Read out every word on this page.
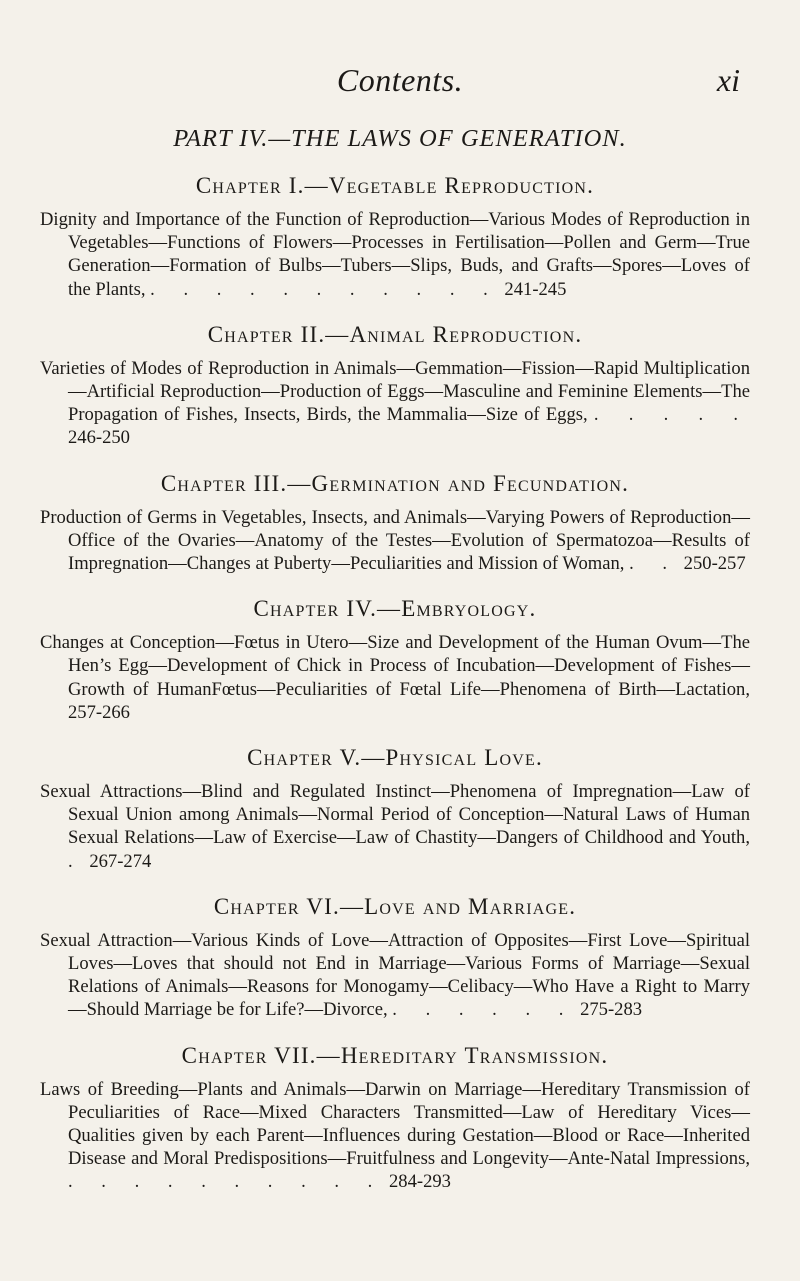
Contents.	xi
PART IV.—THE LAWS OF GENERATION.
Chapter I.—Vegetable Reproduction.

Dignity and Importance of the Function of Reproduction—Various Modes of Reproduction in Vegetables—Functions of Flowers—Processes in Fertilisation—Pollen and Germ—True Generation—Formation of Bulbs—Tubers—Slips, Buds, and Grafts—Spores—Loves of the Plants, . . . . . . . . . . . 241-245

Chapter II.—Animal Reproduction.

Varieties of Modes of Reproduction in Animals—Gemmation—Fission—Rapid Multiplication—Artificial Reproduction—Production of Eggs—Masculine and Feminine Elements—The Propagation of Fishes, Insects, Birds, the Mammalia—Size of Eggs, . . . . . 246-250

Chapter III.—Germination and Fecundation.

Production of Germs in Vegetables, Insects, and Animals—Varying Powers of Reproduction—Office of the Ovaries—Anatomy of the Testes—Evolution of Spermatozoa—Results of Impregnation—Changes at Puberty—Peculiarities and Mission of Woman, . . 250-257

Chapter IV.—Embryology.

Changes at Conception—Fœtus in Utero—Size and Development of the Human Ovum—The Hen’s Egg—Development of Chick in Process of Incubation—Development of Fishes—Growth of HumanFœtus—Peculiarities of Fœtal Life—Phenomena of Birth—Lactation, 257-266

Chapter V.—Physical Love.

Sexual Attractions—Blind and Regulated Instinct—Phenomena of Impregnation—Law of Sexual Union among Animals—Normal Period of Conception—Natural Laws of Human Sexual Relations—Law of Exercise—Law of Chastity—Dangers of Childhood and Youth, . 267-274

Chapter VI.—Love and Marriage.

Sexual Attraction—Various Kinds of Love—Attraction of Opposites—First Love—Spiritual Loves—Loves that should not End in Marriage—Various Forms of Marriage—Sexual Relations of Animals—Reasons for Monogamy—Celibacy—Who Have a Right to Marry—Should Marriage be for Life?—Divorce, . . . . . . 275-283

Chapter VII.—Hereditary Transmission.

Laws of Breeding—Plants and Animals—Darwin on Marriage—Hereditary Transmission of Peculiarities of Race—Mixed Characters Transmitted—Law of Hereditary Vices—Qualities given by each Parent—Influences during Gestation—Blood or Race—Inherited Disease and Moral Predispositions—Fruitfulness and Longevity—Ante-Natal Impressions, . . . . . . . . . . 284-293
